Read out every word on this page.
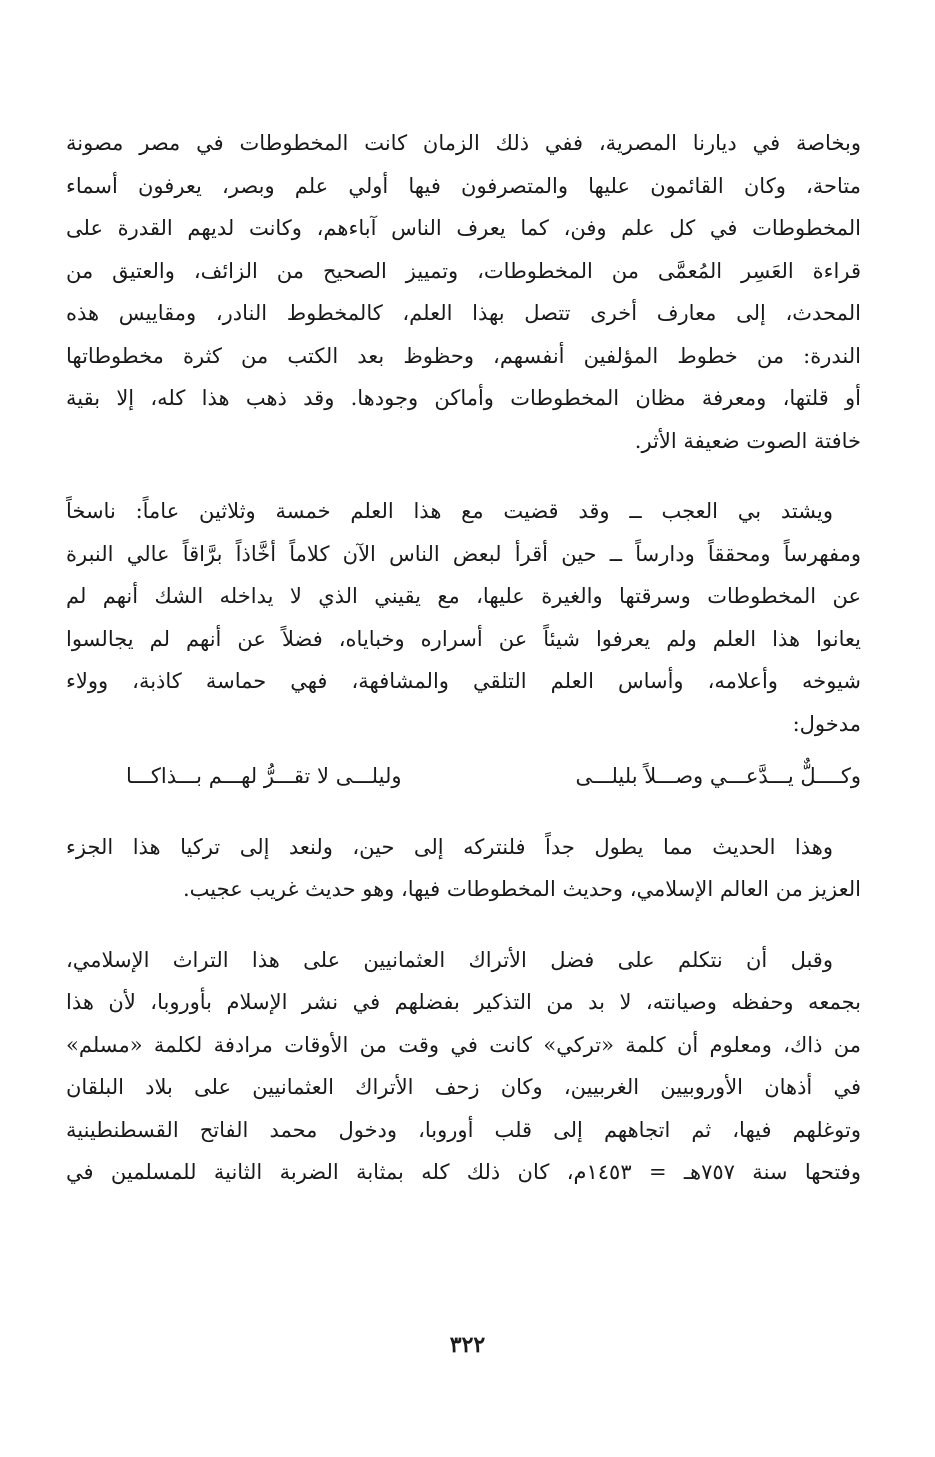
وبخاصة في ديارنا المصرية، ففي ذلك الزمان كانت المخطوطات في مصر مصونة
متاحة، وكان القائمون عليها والمتصرفون فيها أولي علم وبصر، يعرفون أسماء
المخطوطات في كل علم وفن، كما يعرف الناس آباءهم، وكانت لديهم القدرة على
قراءة العَسِر المُعمَّى من المخطوطات، وتمييز الصحيح من الزائف، والعتيق من
المحدث، إلى معارف أخرى تتصل بهذا العلم، كالمخطوط النادر، ومقاييس هذه
الندرة: من خطوط المؤلفين أنفسهم، وحظوظ بعد الكتب من كثرة مخطوطاتها
أو قلتها، ومعرفة مظان المخطوطات وأماكن وجودها. وقد ذهب هذا كله، إلا بقية
خافتة الصوت ضعيفة الأثر.

ويشتد بي العجب ــ وقد قضيت مع هذا العلم خمسة وثلاثين عاماً: ناسخاً
ومفهرساً ومحققاً ودارساً ــ حين أقرأ لبعض الناس الآن كلاماً أخَّاذاً برَّاقاً عالي النبرة
عن المخطوطات وسرقتها والغيرة عليها، مع يقيني الذي لا يداخله الشك أنهم لم
يعانوا هذا العلم ولم يعرفوا شيئاً عن أسراره وخباياه، فضلاً عن أنهم لم يجالسوا
شيوخه وأعلامه، وأساس العلم التلقي والمشافهة، فهي حماسة كاذبة، وولاء
مدخول:

وكــــلٌّ يـــدَّعـــي وصـــلاً بليلـــى
وليلـــى لا تقـــرُّ لهـــم بـــذاكـــا

وهذا الحديث مما يطول جداً فلنتركه إلى حين، ولنعد إلى تركيا هذا الجزء
العزيز من العالم الإسلامي، وحديث المخطوطات فيها، وهو حديث غريب عجيب.

وقبل أن نتكلم على فضل الأتراك العثمانيين على هذا التراث الإسلامي،
بجمعه وحفظه وصيانته، لا بد من التذكير بفضلهم في نشر الإسلام بأوروبا، لأن هذا
من ذاك، ومعلوم أن كلمة «تركي» كانت في وقت من الأوقات مرادفة لكلمة «مسلم»
في أذهان الأوروبيين الغربيين، وكان زحف الأتراك العثمانيين على بلاد البلقان
وتوغلهم فيها، ثم اتجاههم إلى قلب أوروبا، ودخول محمد الفاتح القسطنطينية
وفتحها سنة ٧٥٧هـ = ١٤٥٣م، كان ذلك كله بمثابة الضربة الثانية للمسلمين في

٣٢٢
